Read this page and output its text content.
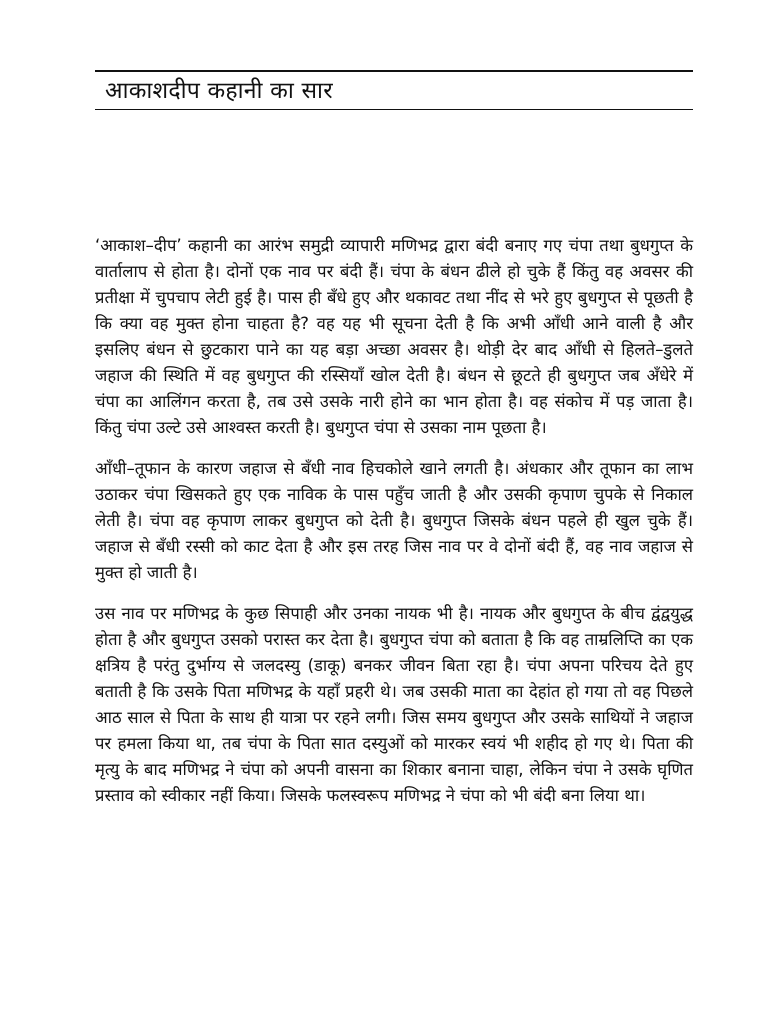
आकाशदीप कहानी का सार

‘आकाश–दीप’ कहानी का आरंभ समुद्री व्यापारी मणिभद्र द्वारा बंदी बनाए गए चंपा तथा बुधगुप्त के वार्तालाप से होता है। दोनों एक नाव पर बंदी हैं। चंपा के बंधन ढीले हो चुके हैं किंतु वह अवसर की प्रतीक्षा में चुपचाप लेटी हुई है। पास ही बँधे हुए और थकावट तथा नींद से भरे हुए बुधगुप्त से पूछती है कि क्या वह मुक्त होना चाहता है? वह यह भी सूचना देती है कि अभी आँधी आने वाली है और इसलिए बंधन से छुटकारा पाने का यह बड़ा अच्छा अवसर है। थोड़ी देर बाद आँधी से हिलते–डुलते जहाज की स्थिति में वह बुधगुप्त की रस्सियाँ खोल देती है। बंधन से छूटते ही बुधगुप्त जब अँधेरे में चंपा का आलिंगन करता है, तब उसे उसके नारी होने का भान होता है। वह संकोच में पड़ जाता है। किंतु चंपा उल्टे उसे आश्वस्त करती है। बुधगुप्त चंपा से उसका नाम पूछता है।

आँधी–तूफान के कारण जहाज से बँधी नाव हिचकोले खाने लगती है। अंधकार और तूफान का लाभ उठाकर चंपा खिसकते हुए एक नाविक के पास पहुँच जाती है और उसकी कृपाण चुपके से निकाल लेती है। चंपा वह कृपाण लाकर बुधगुप्त को देती है। बुधगुप्त जिसके बंधन पहले ही खुल चुके हैं। जहाज से बँधी रस्सी को काट देता है और इस तरह जिस नाव पर वे दोनों बंदी हैं, वह नाव जहाज से मुक्त हो जाती है।

उस नाव पर मणिभद्र के कुछ सिपाही और उनका नायक भी है। नायक और बुधगुप्त के बीच द्वंद्वयुद्ध होता है और बुधगुप्त उसको परास्त कर देता है। बुधगुप्त चंपा को बताता है कि वह ताम्रलिप्ति का एक क्षत्रिय है परंतु दुर्भाग्य से जलदस्यु (डाकू) बनकर जीवन बिता रहा है। चंपा अपना परिचय देते हुए बताती है कि उसके पिता मणिभद्र के यहाँ प्रहरी थे। जब उसकी माता का देहांत हो गया तो वह पिछले आठ साल से पिता के साथ ही यात्रा पर रहने लगी। जिस समय बुधगुप्त और उसके साथियों ने जहाज पर हमला किया था, तब चंपा के पिता सात दस्युओं को मारकर स्वयं भी शहीद हो गए थे। पिता की मृत्यु के बाद मणिभद्र ने चंपा को अपनी वासना का शिकार बनाना चाहा, लेकिन चंपा ने उसके घृणित प्रस्ताव को स्वीकार नहीं किया। जिसके फलस्वरूप मणिभद्र ने चंपा को भी बंदी बना लिया था।
